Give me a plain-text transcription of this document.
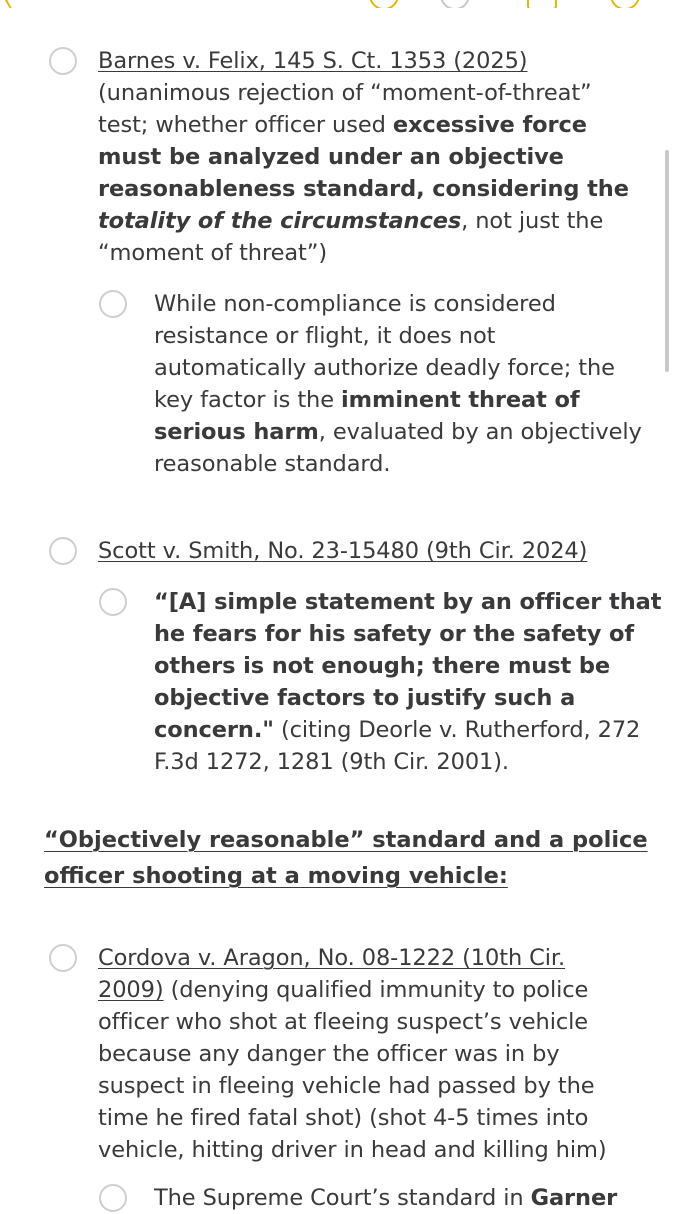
Barnes v. Felix, 145 S. Ct. 1353 (2025)
(unanimous rejection of “moment-of-threat”
test; whether officer used excessive force
must be analyzed under an objective
reasonableness standard, considering the
totality of the circumstances, not just the
“moment of threat”)
While non-compliance is considered
resistance or flight, it does not
automatically authorize deadly force; the
key factor is the imminent threat of
serious harm, evaluated by an objectively
reasonable standard.
Scott v. Smith, No. 23-15480 (9th Cir. 2024)
“[A] simple statement by an officer that
he fears for his safety or the safety of
others is not enough; there must be
objective factors to justify such a
concern." (citing Deorle v. Rutherford, 272
F.3d 1272, 1281 (9th Cir. 2001).
“Objectively reasonable” standard and a police
officer shooting at a moving vehicle:
Cordova v. Aragon, No. 08-1222 (10th Cir.
2009) (denying qualified immunity to police
officer who shot at fleeing suspect’s vehicle
because any danger the officer was in by
suspect in fleeing vehicle had passed by the
time he fired fatal shot) (shot 4-5 times into
vehicle, hitting driver in head and killing him)
The Supreme Court’s standard in Garner
